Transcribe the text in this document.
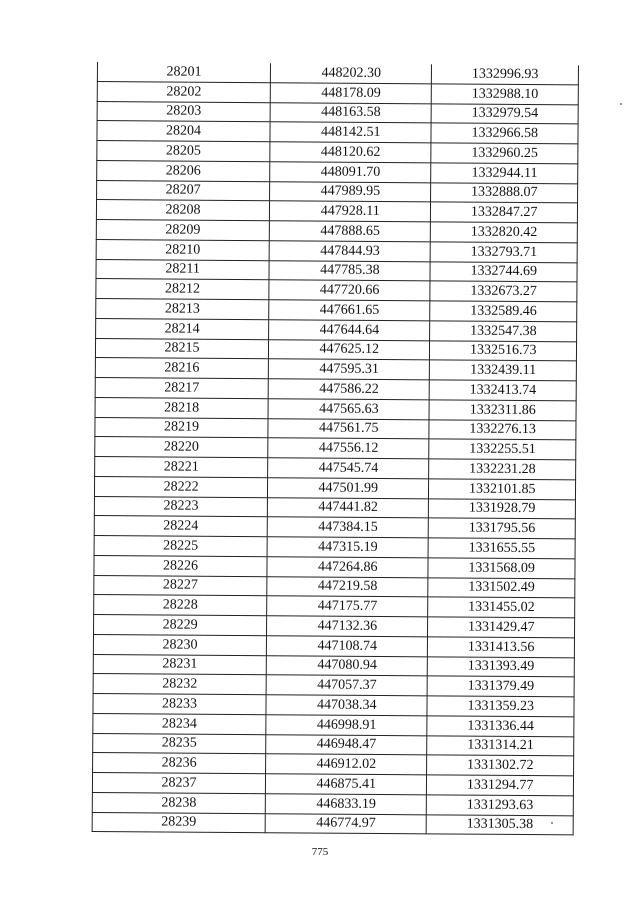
28201	448202.30	1332996.93
28202	448178.09	1332988.10
28203	448163.58	1332979.54
28204	448142.51	1332966.58
28205	448120.62	1332960.25
28206	448091.70	1332944.11
28207	447989.95	1332888.07
28208	447928.11	1332847.27
28209	447888.65	1332820.42
28210	447844.93	1332793.71
28211	447785.38	1332744.69
28212	447720.66	1332673.27
28213	447661.65	1332589.46
28214	447644.64	1332547.38
28215	447625.12	1332516.73
28216	447595.31	1332439.11
28217	447586.22	1332413.74
28218	447565.63	1332311.86
28219	447561.75	1332276.13
28220	447556.12	1332255.51
28221	447545.74	1332231.28
28222	447501.99	1332101.85
28223	447441.82	1331928.79
28224	447384.15	1331795.56
28225	447315.19	1331655.55
28226	447264.86	1331568.09
28227	447219.58	1331502.49
28228	447175.77	1331455.02
28229	447132.36	1331429.47
28230	447108.74	1331413.56
28231	447080.94	1331393.49
28232	447057.37	1331379.49
28233	447038.34	1331359.23
28234	446998.91	1331336.44
28235	446948.47	1331314.21
28236	446912.02	1331302.72
28237	446875.41	1331294.77
28238	446833.19	1331293.63
28239	446774.97	1331305.38
775
